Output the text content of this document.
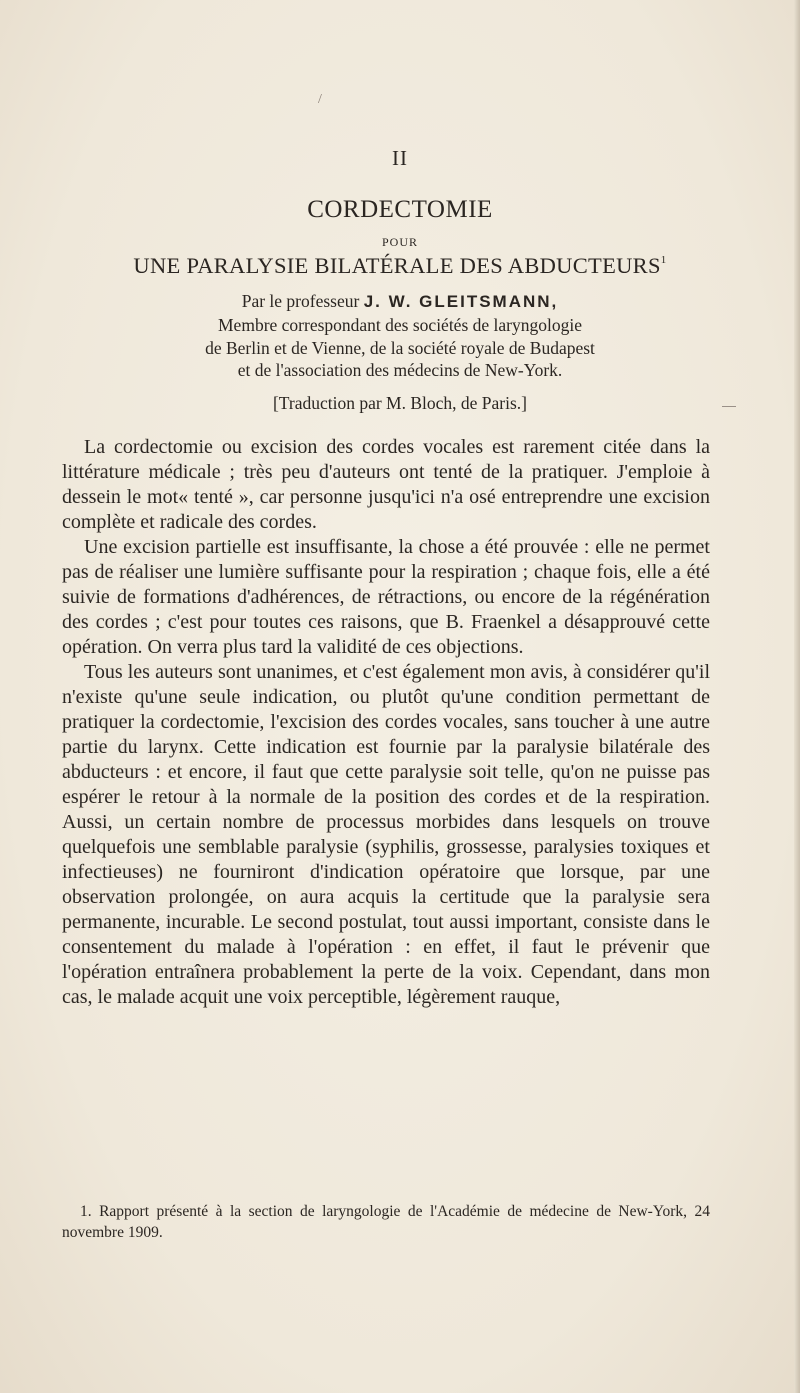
/
II
CORDECTOMIE
POUR
UNE PARALYSIE BILATÉRALE DES ABDUCTEURS$^1$
Par le professeur J. W. GLEITSMANN,
Membre correspondant des sociétés de laryngologie
de Berlin et de Vienne, de la société royale de Budapest
et de l'association des médecins de New-York.
[Traduction par M. Bloch, de Paris.]

La cordectomie ou excision des cordes vocales est rarement citée dans la littérature médicale ; très peu d'auteurs ont tenté de la pratiquer. J'emploie à dessein le mot« tenté », car personne jusqu'ici n'a osé entreprendre une excision complète et radicale des cordes.

Une excision partielle est insuffisante, la chose a été prouvée : elle ne permet pas de réaliser une lumière suffisante pour la respiration ; chaque fois, elle a été suivie de formations d'adhérences, de rétractions, ou encore de la régénération des cordes ; c'est pour toutes ces raisons, que B. Fraenkel a désapprouvé cette opération. On verra plus tard la validité de ces objections.

Tous les auteurs sont unanimes, et c'est également mon avis, à considérer qu'il n'existe qu'une seule indication, ou plutôt qu'une condition permettant de pratiquer la cordectomie, l'excision des cordes vocales, sans toucher à une autre partie du larynx. Cette indication est fournie par la paralysie bilatérale des abducteurs : et encore, il faut que cette paralysie soit telle, qu'on ne puisse pas espérer le retour à la normale de la position des cordes et de la respiration. Aussi, un certain nombre de processus morbides dans lesquels on trouve quelquefois une semblable paralysie (syphilis, grossesse, paralysies toxiques et infectieuses) ne fourniront d'indication opératoire que lorsque, par une observation prolongée, on aura acquis la certitude que la paralysie sera permanente, incurable. Le second postulat, tout aussi important, consiste dans le consentement du malade à l'opération : en effet, il faut le prévenir que l'opération entraînera probablement la perte de la voix. Cependant, dans mon cas, le malade acquit une voix perceptible, légèrement rauque,

1. Rapport présenté à la section de laryngologie de l'Académie de médecine de New-York, 24 novembre 1909.
